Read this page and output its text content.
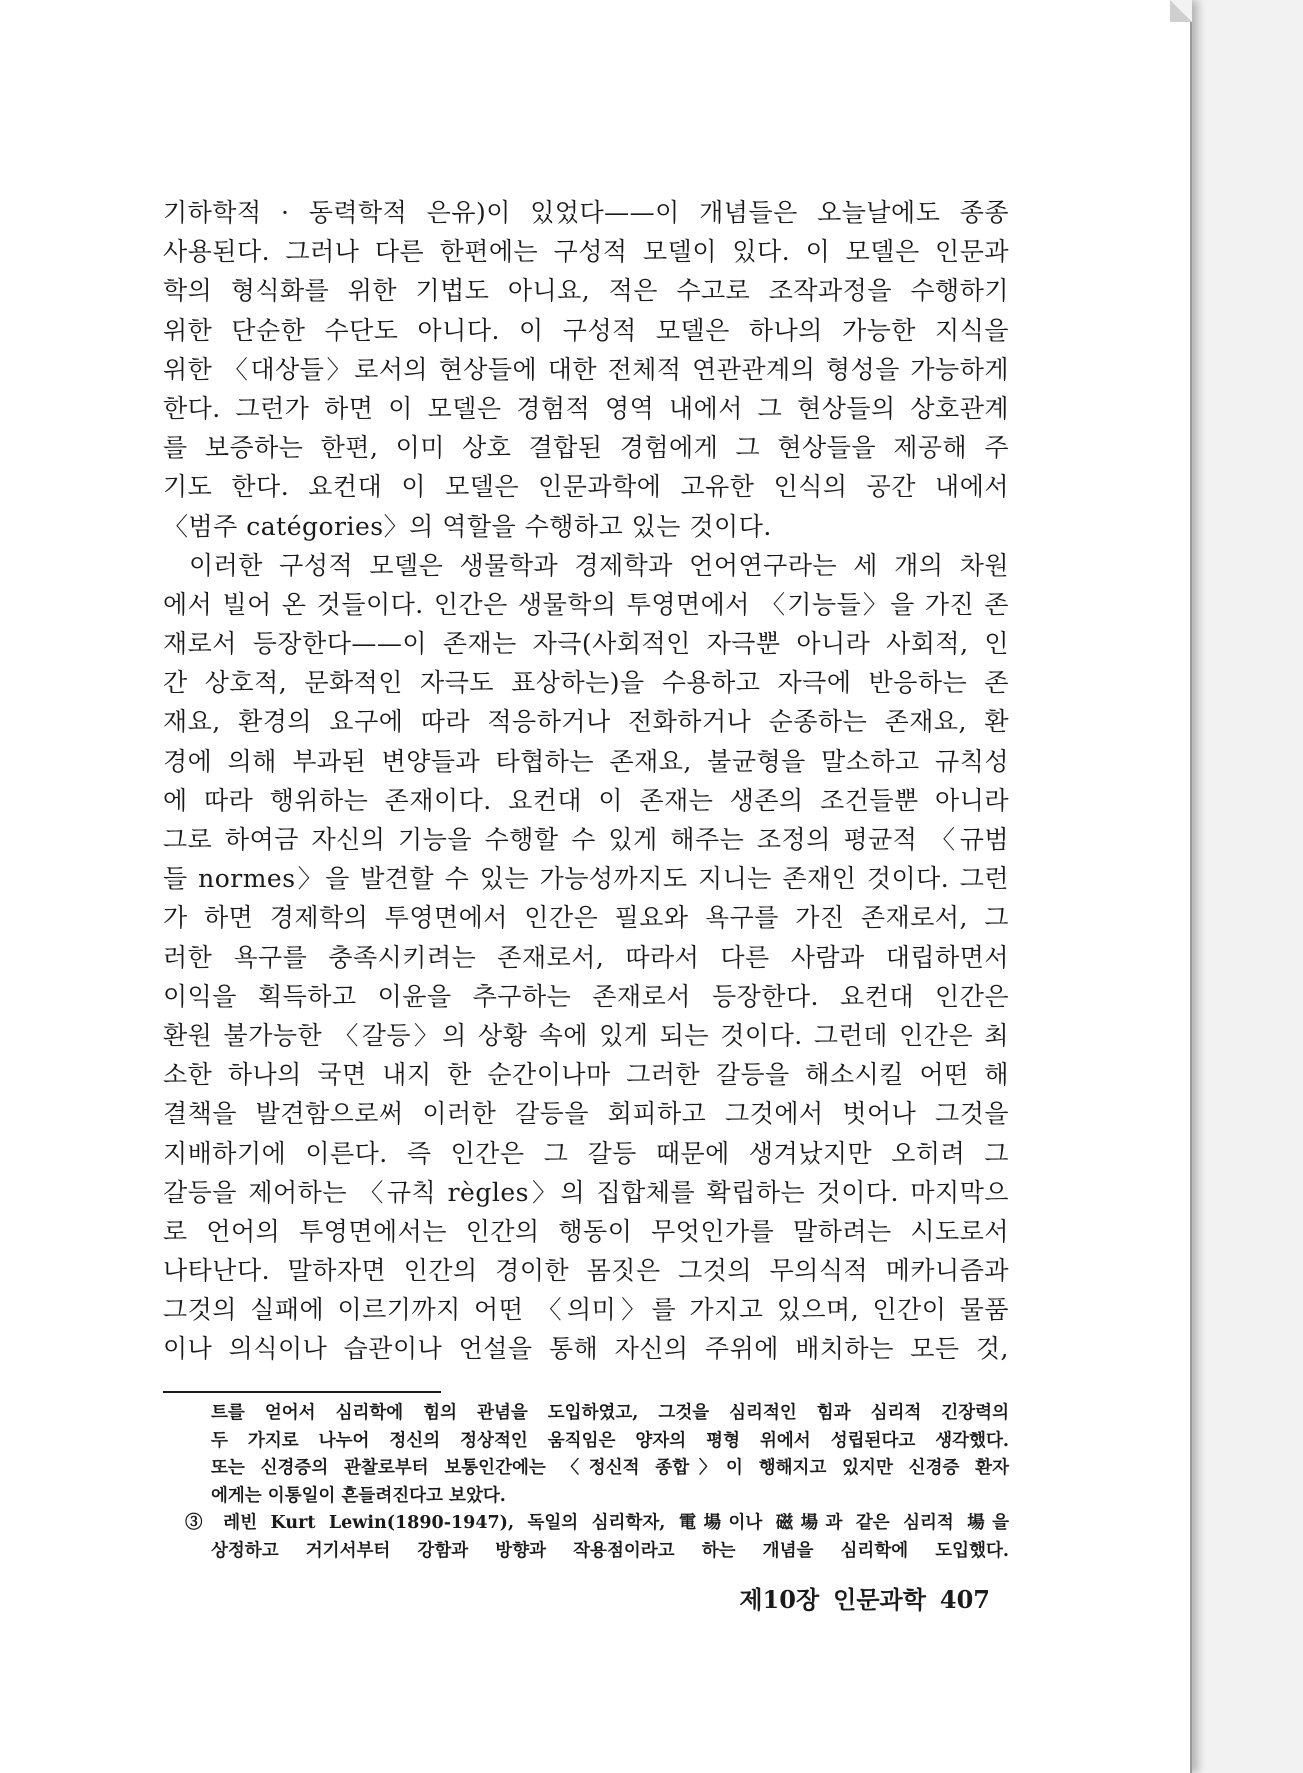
기하학적 · 동력학적 은유)이 있었다——이 개념들은 오늘날에도 종종
사용된다. 그러나 다른 한편에는 구성적 모델이 있다. 이 모델은 인문과
학의 형식화를 위한 기법도 아니요, 적은 수고로 조작과정을 수행하기
위한 단순한 수단도 아니다. 이 구성적 모델은 하나의 가능한 지식을
위한 〈대상들〉로서의 현상들에 대한 전체적 연관관계의 형성을 가능하게
한다. 그런가 하면 이 모델은 경험적 영역 내에서 그 현상들의 상호관계
를 보증하는 한편, 이미 상호 결합된 경험에게 그 현상들을 제공해 주
기도 한다. 요컨대 이 모델은 인문과학에 고유한 인식의 공간 내에서
〈범주 catégories〉의 역할을 수행하고 있는 것이다.
이러한 구성적 모델은 생물학과 경제학과 언어연구라는 세 개의 차원
에서 빌어 온 것들이다. 인간은 생물학의 투영면에서 〈기능들〉을 가진 존
재로서 등장한다——이 존재는 자극(사회적인 자극뿐 아니라 사회적, 인
간 상호적, 문화적인 자극도 표상하는)을 수용하고 자극에 반응하는 존
재요, 환경의 요구에 따라 적응하거나 전화하거나 순종하는 존재요, 환
경에 의해 부과된 변양들과 타협하는 존재요, 불균형을 말소하고 규칙성
에 따라 행위하는 존재이다. 요컨대 이 존재는 생존의 조건들뿐 아니라
그로 하여금 자신의 기능을 수행할 수 있게 해주는 조정의 평균적 〈규범
들 normes〉을 발견할 수 있는 가능성까지도 지니는 존재인 것이다. 그런
가 하면 경제학의 투영면에서 인간은 필요와 욕구를 가진 존재로서, 그
러한 욕구를 충족시키려는 존재로서, 따라서 다른 사람과 대립하면서
이익을 획득하고 이윤을 추구하는 존재로서 등장한다. 요컨대 인간은
환원 불가능한 〈갈등〉의 상황 속에 있게 되는 것이다. 그런데 인간은 최
소한 하나의 국면 내지 한 순간이나마 그러한 갈등을 해소시킬 어떤 해
결책을 발견함으로써 이러한 갈등을 회피하고 그것에서 벗어나 그것을
지배하기에 이른다. 즉 인간은 그 갈등 때문에 생겨났지만 오히려 그
갈등을 제어하는 〈규칙 règles〉의 집합체를 확립하는 것이다. 마지막으
로 언어의 투영면에서는 인간의 행동이 무엇인가를 말하려는 시도로서
나타난다. 말하자면 인간의 경이한 몸짓은 그것의 무의식적 메카니즘과
그것의 실패에 이르기까지 어떤 〈의미〉를 가지고 있으며, 인간이 물품
이나 의식이나 습관이나 언설을 통해 자신의 주위에 배치하는 모든 것,
트를 얻어서 심리학에 힘의 관념을 도입하였고, 그것을 심리적인 힘과 심리적 긴장력의
두 가지로 나누어 정신의 정상적인 움직임은 양자의 평형 위에서 성립된다고 생각했다.
또는 신경증의 관찰로부터 보통인간에는 〈정신적 종합〉이 행해지고 있지만 신경증 환자
에게는 이통일이 흔들려진다고 보았다.
③ 레빈 Kurt Lewin(1890-1947), 독일의 심리학자, 電場이나 磁場과 같은 심리적 場을
상정하고 거기서부터 강함과 방향과 작용점이라고 하는 개념을 심리학에 도입했다.
제10장 인문과학 407
